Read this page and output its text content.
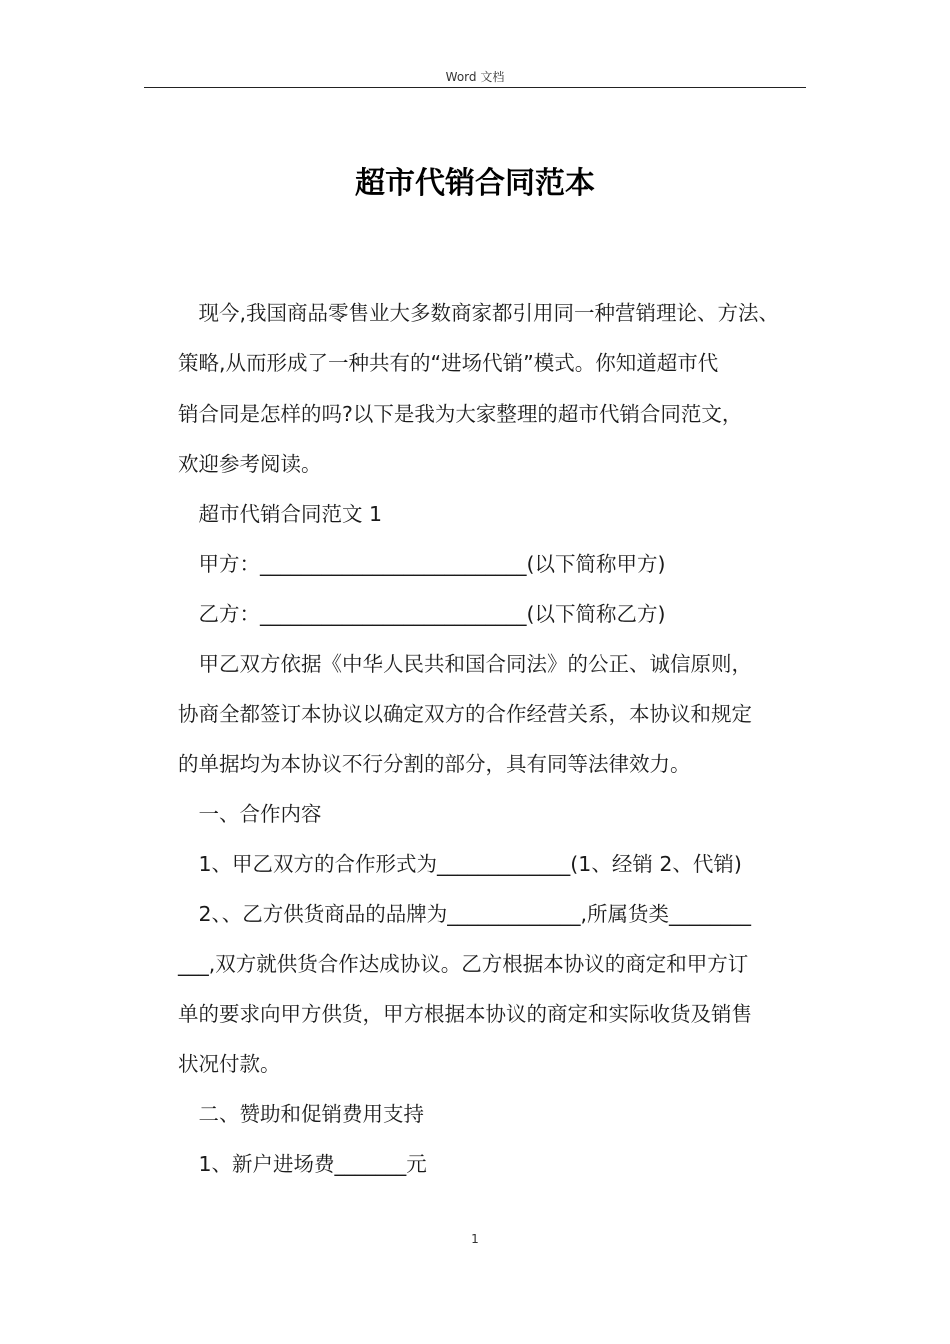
Word 文档
超市代销合同范本
　现今,我国商品零售业大多数商家都引用同一种营销理论、方法、
策略,从而形成了一种共有的“进场代销”模式。你知道超市代
销合同是怎样的吗?以下是我为大家整理的超市代销合同范文，
欢迎参考阅读。
　超市代销合同范文 1
　甲方：__________________________(以下简称甲方)
　乙方：__________________________(以下简称乙方)
　甲乙双方依据《中华人民共和国合同法》的公正、诚信原则，
协商全都签订本协议以确定双方的合作经营关系，本协议和规定
的单据均为本协议不行分割的部分，具有同等法律效力。
　一、合作内容
　1、甲乙双方的合作形式为_____________(1、经销 2、代销)
　2、、乙方供货商品的品牌为_____________,所属货类________
___,双方就供货合作达成协议。乙方根据本协议的商定和甲方订
单的要求向甲方供货，甲方根据本协议的商定和实际收货及销售
状况付款。
　二、赞助和促销费用支持
　1、新户进场费_______元
1
